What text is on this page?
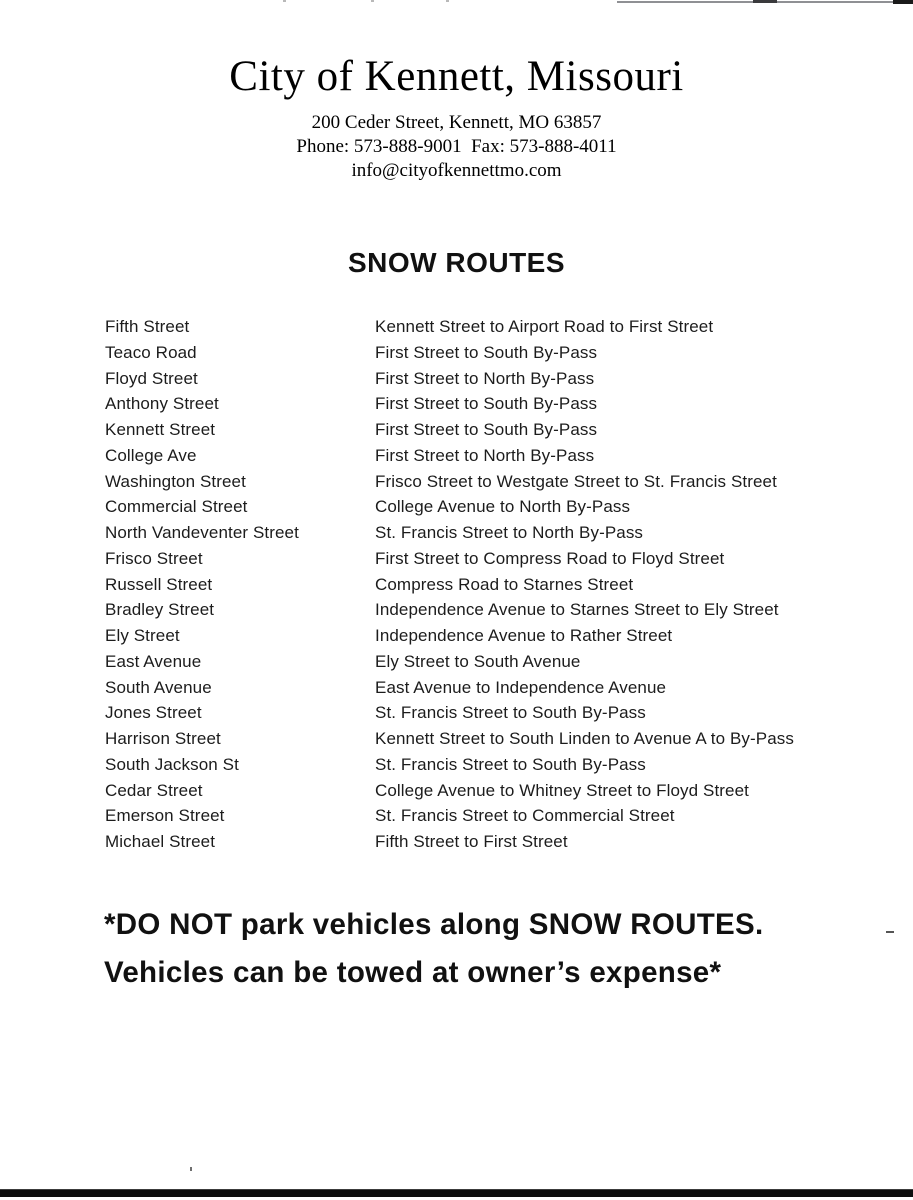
City of Kennett, Missouri
200 Ceder Street, Kennett, MO 63857
Phone: 573-888-9001  Fax: 573-888-4011
info@cityofkennettmo.com
SNOW ROUTES
Fifth Street	Kennett Street to Airport Road to First Street
Teaco Road	First Street to South By-Pass
Floyd Street	First Street to North By-Pass
Anthony Street	First Street to South By-Pass
Kennett Street	First Street to South By-Pass
College Ave	First Street to North By-Pass
Washington Street	Frisco Street to Westgate Street to St. Francis Street
Commercial Street	College Avenue to North By-Pass
North Vandeventer Street	St. Francis Street to North By-Pass
Frisco Street	First Street to Compress Road to Floyd Street
Russell Street	Compress Road to Starnes Street
Bradley Street	Independence Avenue to Starnes Street to Ely Street
Ely Street	Independence Avenue to Rather Street
East Avenue	Ely Street to South Avenue
South Avenue	East Avenue to Independence Avenue
Jones Street	St. Francis Street to South By-Pass
Harrison Street	Kennett Street to South Linden to Avenue A to By-Pass
South Jackson St	St. Francis Street to South By-Pass
Cedar Street	College Avenue to Whitney Street to Floyd Street
Emerson Street	St. Francis Street to Commercial Street
Michael Street	Fifth Street to First Street
*DO NOT park vehicles along SNOW ROUTES.
Vehicles can be towed at owner’s expense*
